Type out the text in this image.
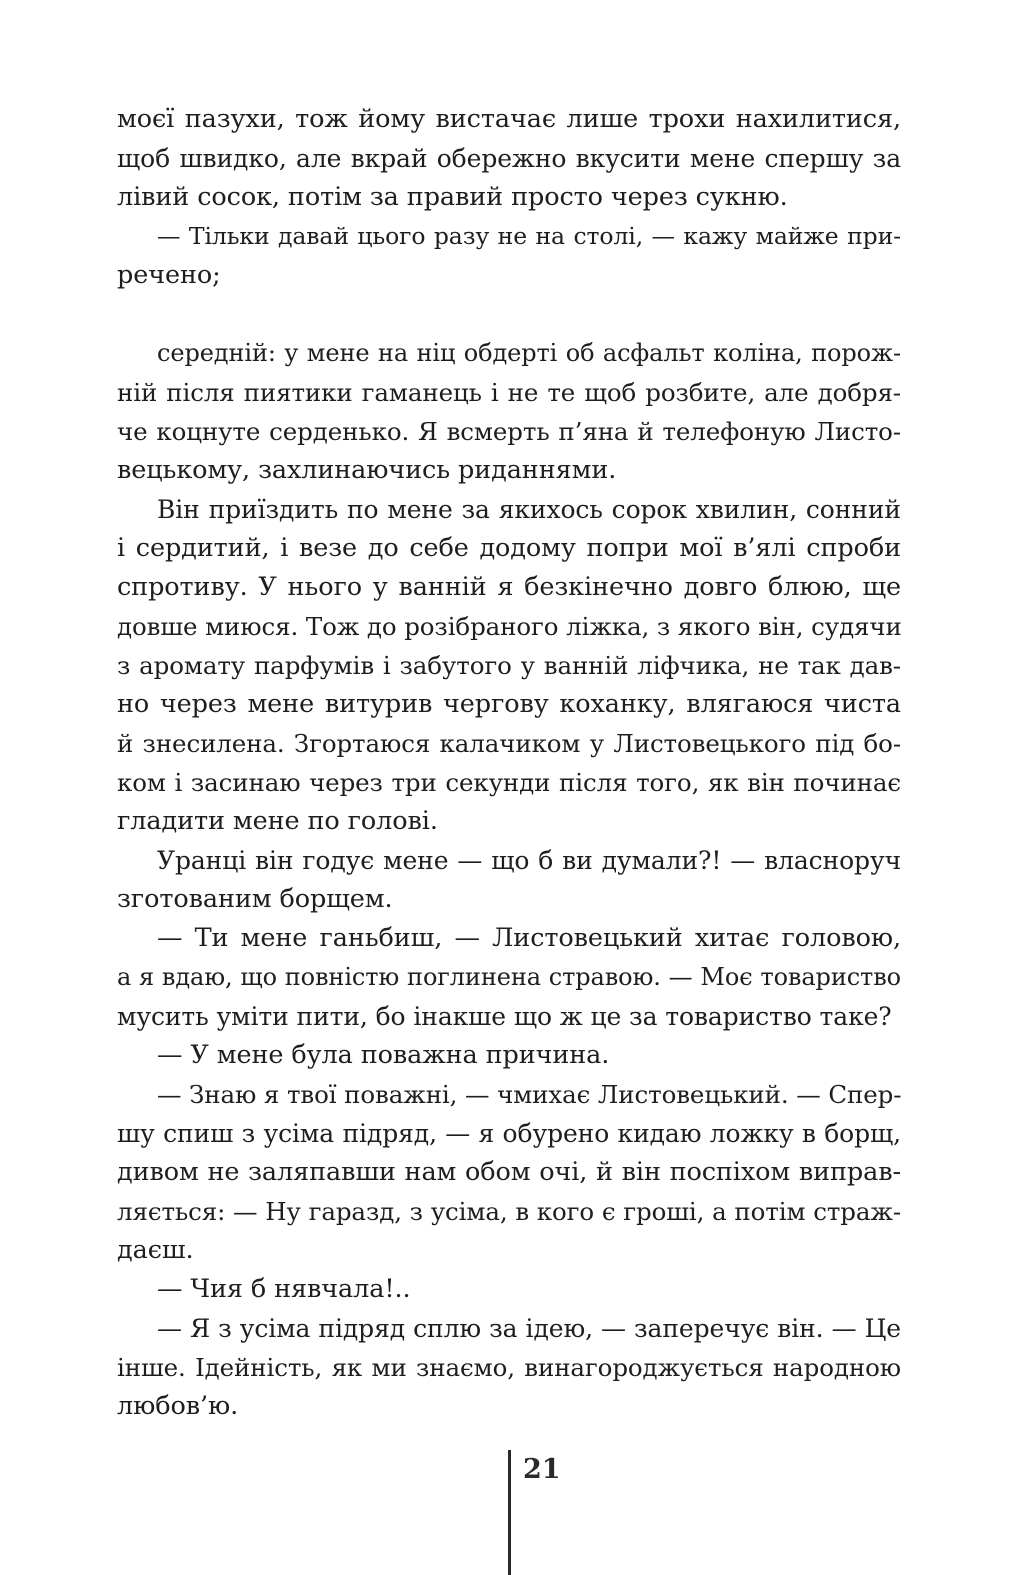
моєї пазухи, тож йому вистачає лише трохи нахилитися,
щоб швидко, але вкрай обережно вкусити мене спершу за
лівий сосок, потім за правий просто через сукню.
— Тільки давай цього разу не на столі, — кажу майже при-
речено;
середній: у мене на ніц обдерті об асфальт коліна, порож-
ній після пиятики гаманець і не те щоб розбите, але добря-
че коцнуте серденько. Я всмерть п’яна й телефоную Листо-
вецькому, захлинаючись риданнями.
Він приїздить по мене за якихось сорок хвилин, сонний
і сердитий, і везе до себе додому попри мої в’ялі спроби
спротиву. У нього у ванній я безкінечно довго блюю, ще
довше миюся. Тож до розібраного ліжка, з якого він, судячи
з аромату парфумів і забутого у ванній ліфчика, не так дав-
но через мене витурив чергову коханку, влягаюся чиста
й знесилена. Згортаюся калачиком у Листовецького під бо-
ком і засинаю через три секунди після того, як він починає
гладити мене по голові.
Уранці він годує мене — що б ви думали?! — власноруч
зготованим борщем.
— Ти мене ганьбиш, — Листовецький хитає головою,
а я вдаю, що повністю поглинена стравою. — Моє товариство
мусить уміти пити, бо інакше що ж це за товариство таке?
— У мене була поважна причина.
— Знаю я твої поважні, — чмихає Листовецький. — Спер-
шу спиш з усіма підряд, — я обурено кидаю ложку в борщ,
дивом не заляпавши нам обом очі, й він поспіхом виправ-
ляється: — Ну гаразд, з усіма, в кого є гроші, а потім страж-
даєш.
— Чия б нявчала!..
— Я з усіма підряд сплю за ідею, — заперечує він. — Це
інше. Ідейність, як ми знаємо, винагороджується народною
любов’ю.
21
